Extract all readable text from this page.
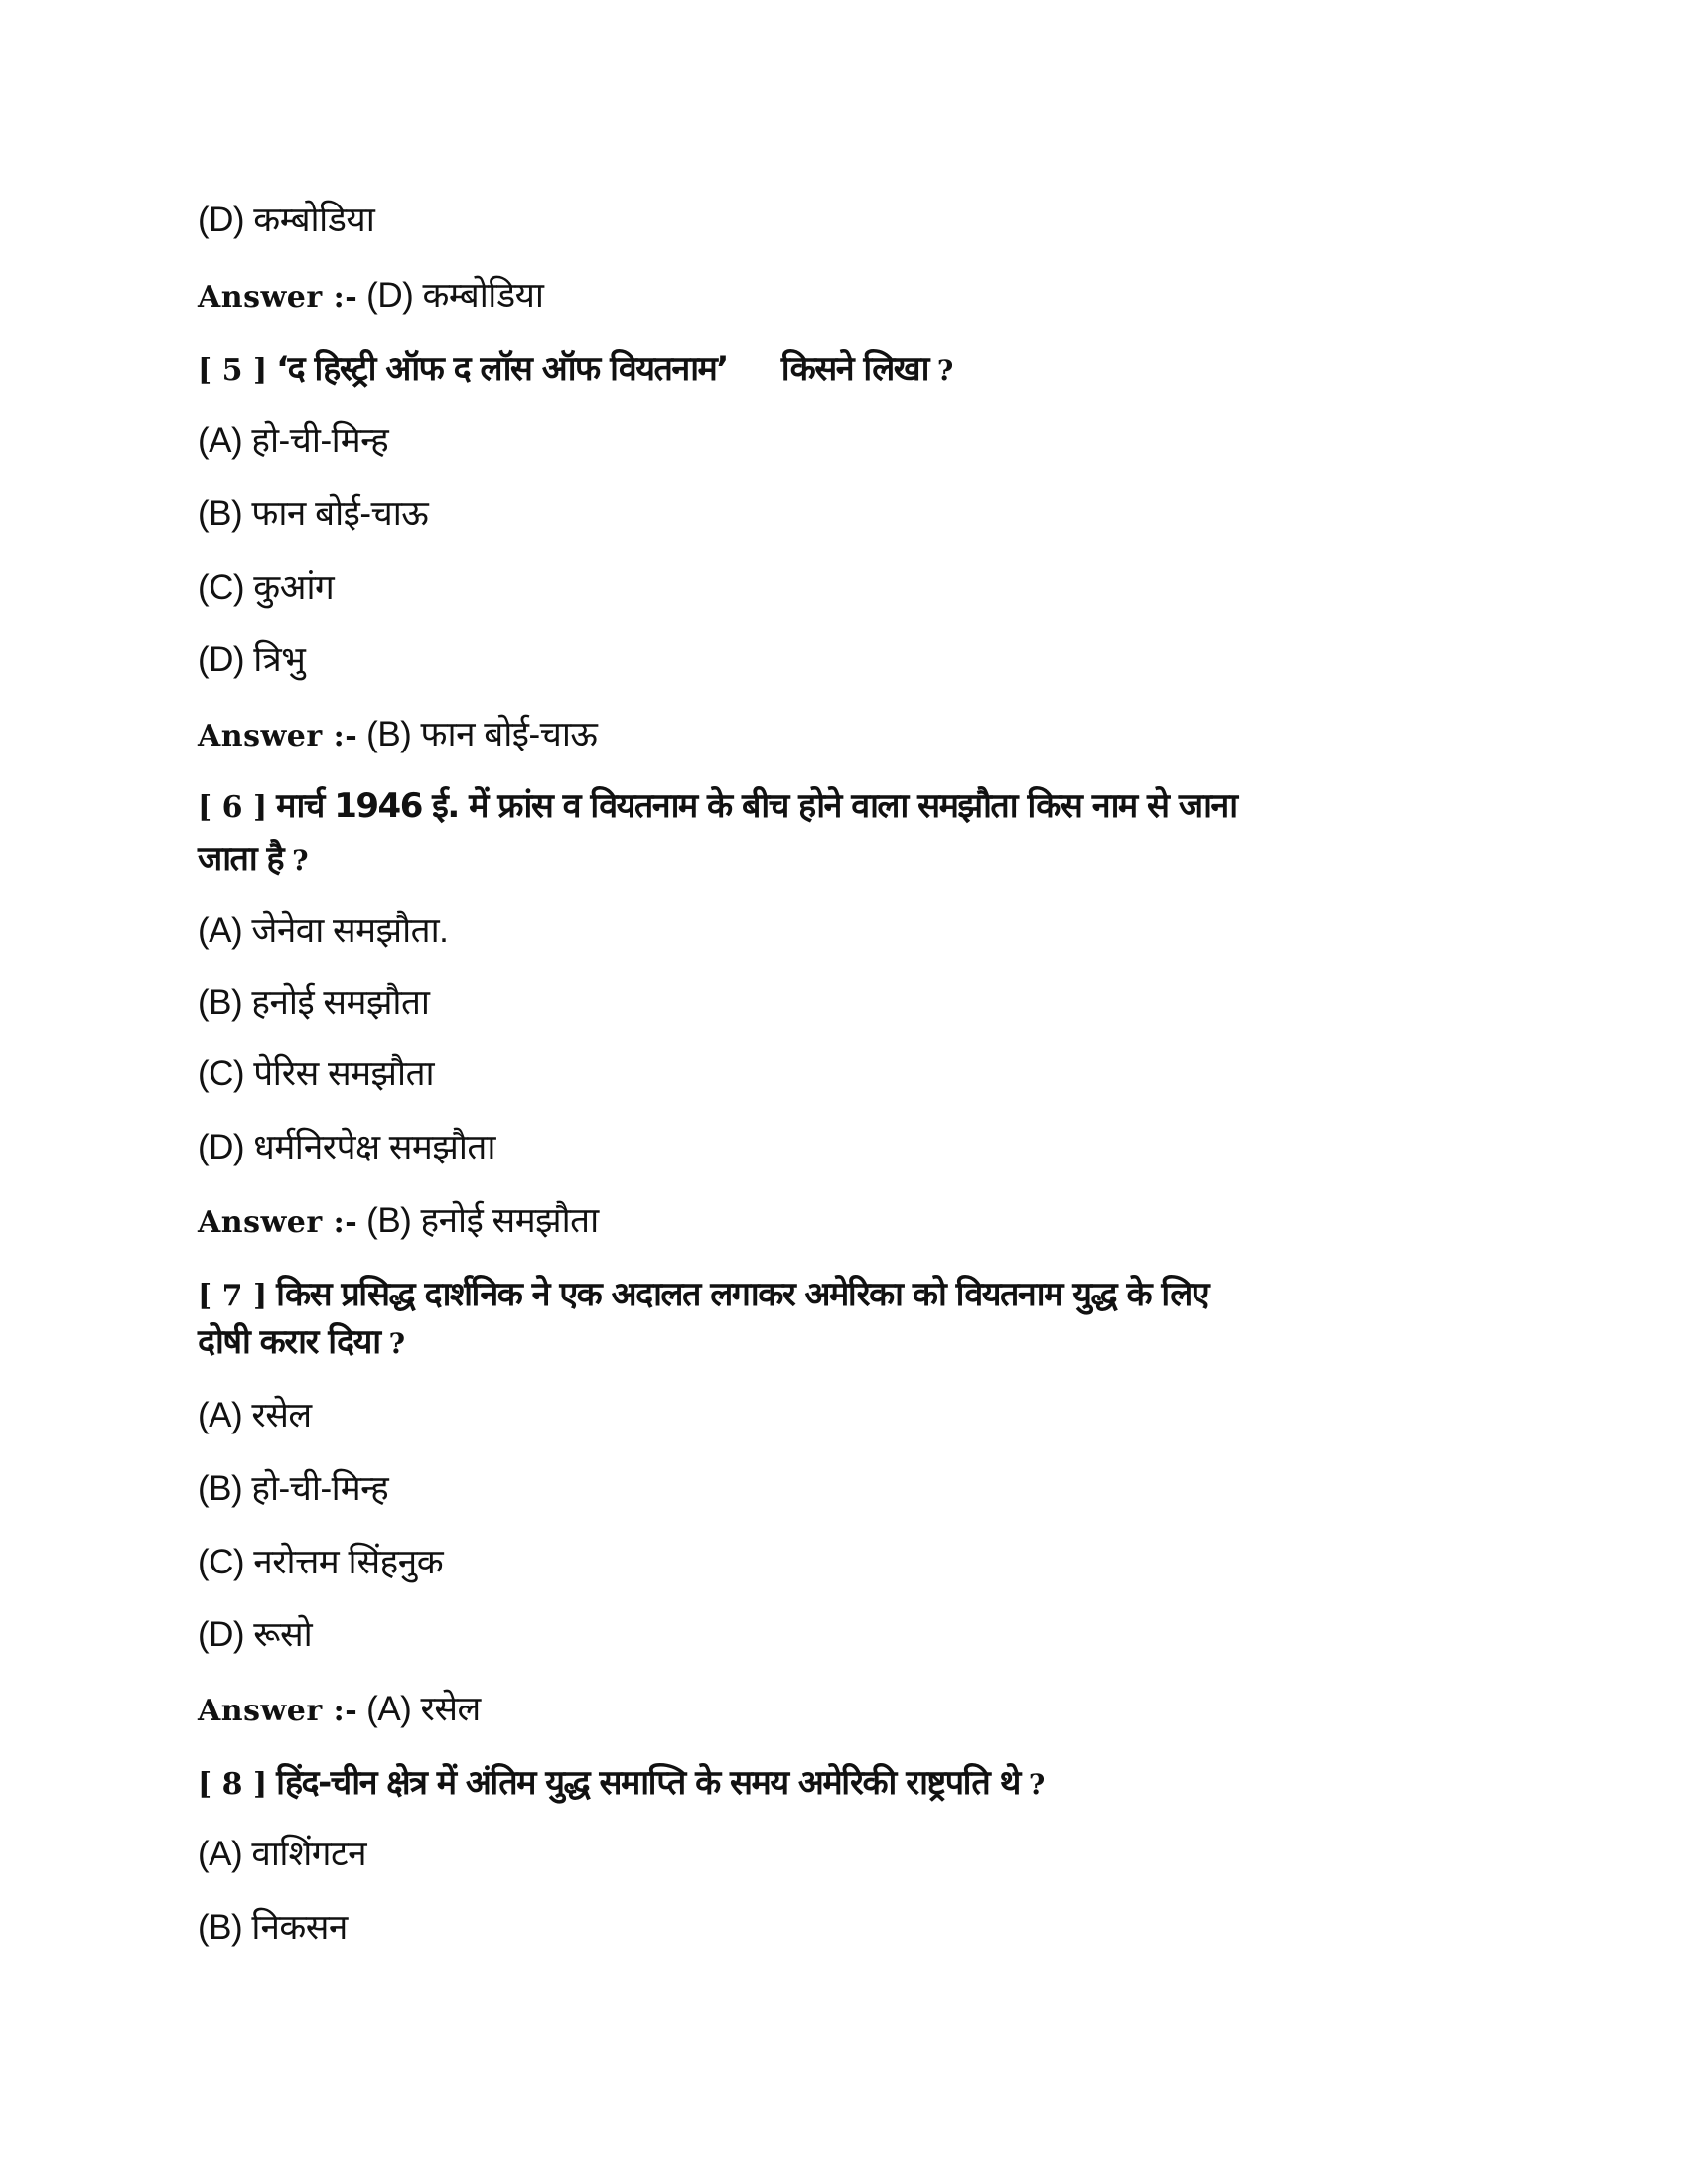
(D) कम्बोडिया
Answer :- (D) कम्बोडिया
[ 5 ] ‘द हिस्ट्री ऑफ द लॉस ऑफ वियतनाम’ किसने लिखा ?
(A) हो-ची-मिन्ह
(B) फान बोई-चाऊ
(C) कुआंग
(D) त्रिभु
Answer :- (B) फान बोई-चाऊ
[ 6 ] मार्च 1946 ई. में फ्रांस व वियतनाम के बीच होने वाला समझौता किस नाम से जाना
जाता है ?
(A) जेनेवा समझौता.
(B) हनोई समझौता
(C) पेरिस समझौता
(D) धर्मनिरपेक्ष समझौता
Answer :- (B) हनोई समझौता
[ 7 ] किस प्रसिद्ध दार्शनिक ने एक अदालत लगाकर अमेरिका को वियतनाम युद्ध के लिए
दोषी करार दिया ?
(A) रसेल
(B) हो-ची-मिन्ह
(C) नरोत्तम सिंहनुक
(D) रूसो
Answer :- (A) रसेल
[ 8 ] हिंद-चीन क्षेत्र में अंतिम युद्ध समाप्ति के समय अमेरिकी राष्ट्रपति थे ?
(A) वाशिंगटन
(B) निकसन
